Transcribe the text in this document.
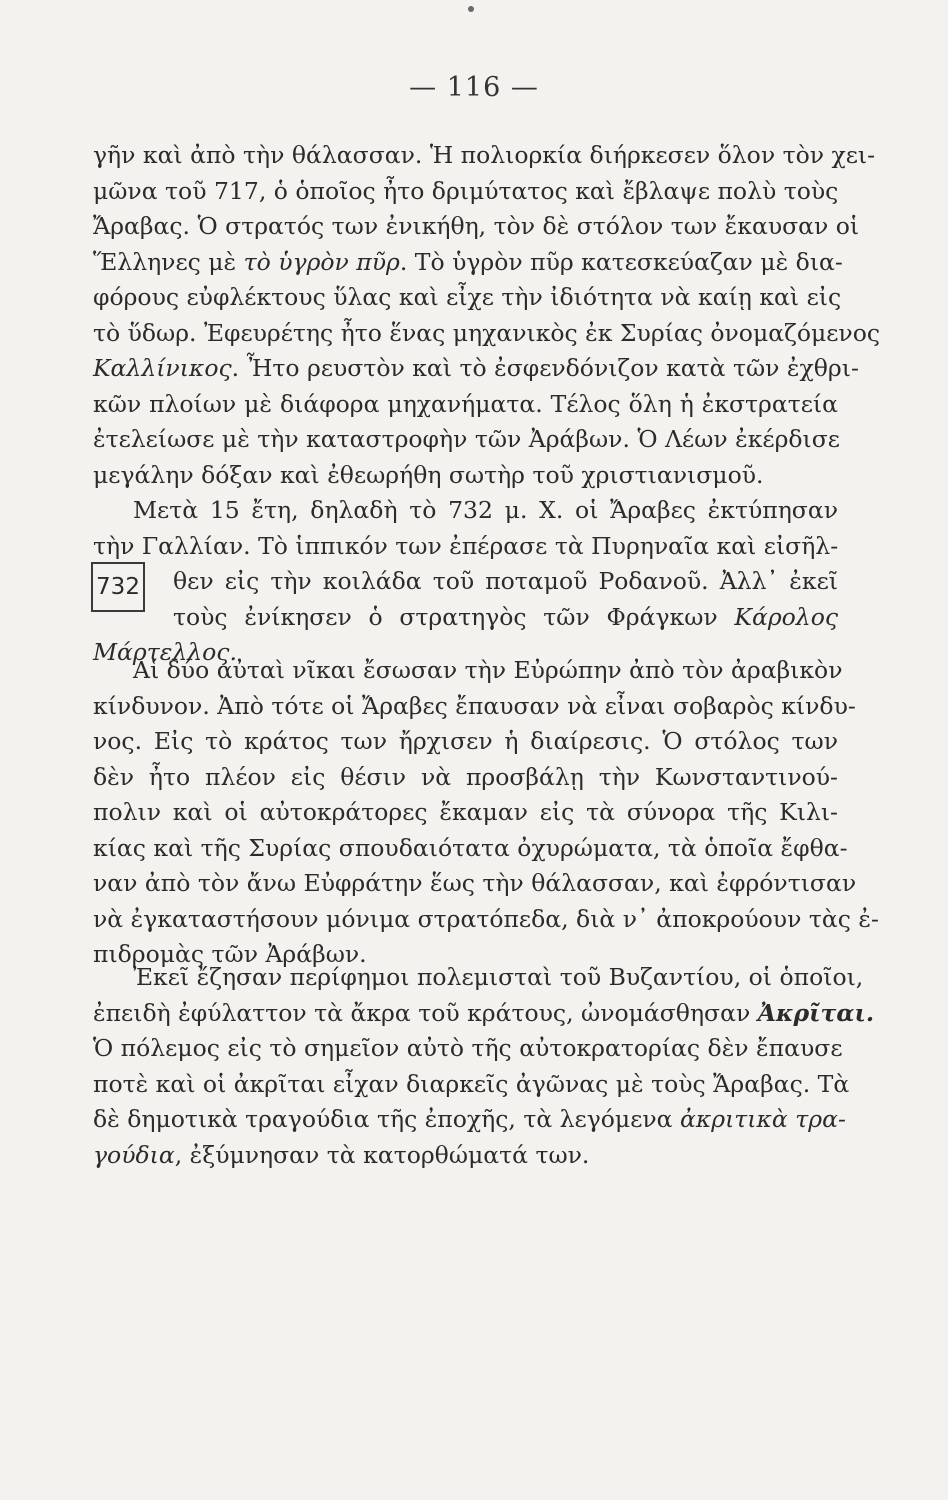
— 116 —
γῆν καὶ ἀπὸ τὴν θάλασσαν. Ἡ πολιορκία διήρκεσεν ὅλον τὸν χει-
μῶνα τοῦ 717, ὁ ὁποῖος ἦτο δριμύτατος καὶ ἔβλαψε πολὺ τοὺς
Ἄραβας. Ὁ στρατός των ἐνικήθη, τὸν δὲ στόλον των ἔκαυσαν οἱ
Ἕλληνες μὲ τὸ ὑγρὸν πῦρ. Τὸ ὑγρὸν πῦρ κατεσκεύαζαν μὲ δια-
φόρους εὐφλέκτους ὕλας καὶ εἶχε τὴν ἰδιότητα νὰ καίῃ καὶ εἰς
τὸ ὕδωρ. Ἐφευρέτης ἦτο ἕνας μηχανικὸς ἐκ Συρίας ὀνομαζόμενος
Καλλίνικος. Ἦτο ρευστὸν καὶ τὸ ἐσφενδόνιζον κατὰ τῶν ἐχθρι-
κῶν πλοίων μὲ διάφορα μηχανήματα. Τέλος ὅλη ἡ ἐκστρατεία
ἐτελείωσε μὲ τὴν καταστροφὴν τῶν Ἀράβων. Ὁ Λέων ἐκέρδισε
μεγάλην δόξαν καὶ ἐθεωρήθη σωτὴρ τοῦ χριστιανισμοῦ.
Μετὰ 15 ἔτη, δηλαδὴ τὸ 732 μ. Χ. οἱ Ἄραβες ἐκτύπησαν
τὴν Γαλλίαν. Τὸ ἱππικόν των ἐπέρασε τὰ Πυρηναῖα καὶ εἰσῆλ-
θεν εἰς τὴν κοιλάδα τοῦ ποταμοῦ Ροδανοῦ. Ἀλλ᾿ ἐκεῖ
τοὺς ἐνίκησεν ὁ στρατηγὸς τῶν Φράγκων Κάρολος
Μάρτελλος.
732
Αἱ δύο αὐταὶ νῖκαι ἔσωσαν τὴν Εὐρώπην ἀπὸ τὸν ἀραβικὸν
κίνδυνον. Ἀπὸ τότε οἱ Ἄραβες ἔπαυσαν νὰ εἶναι σοβαρὸς κίνδυ-
νος. Εἰς τὸ κράτος των ἤρχισεν ἡ διαίρεσις. Ὁ στόλος των
δὲν ἦτο πλέον εἰς θέσιν νὰ προσβάλῃ τὴν Κωνσταντινού-
πολιν καὶ οἱ αὐτοκράτορες ἔκαμαν εἰς τὰ σύνορα τῆς Κιλι-
κίας καὶ τῆς Συρίας σπουδαιότατα ὀχυρώματα, τὰ ὁποῖα ἔφθα-
ναν ἀπὸ τὸν ἄνω Εὐφράτην ἕως τὴν θάλασσαν, καὶ ἐφρόντισαν
νὰ ἐγκαταστήσουν μόνιμα στρατόπεδα, διὰ ν᾿ ἀποκρούουν τὰς ἐ-
πιδρομὰς τῶν Ἀράβων.
Ἐκεῖ ἔζησαν περίφημοι πολεμισταὶ τοῦ Βυζαντίου, οἱ ὁποῖοι,
ἐπειδὴ ἐφύλαττον τὰ ἄκρα τοῦ κράτους, ὠνομάσθησαν Ἀκρῖται.
Ὁ πόλεμος εἰς τὸ σημεῖον αὐτὸ τῆς αὐτοκρατορίας δὲν ἔπαυσε
ποτὲ καὶ οἱ ἀκρῖται εἶχαν διαρκεῖς ἀγῶνας μὲ τοὺς Ἄραβας. Τὰ
δὲ δημοτικὰ τραγούδια τῆς ἐποχῆς, τὰ λεγόμενα ἀκριτικὰ τρα-
γούδια, ἐξύμνησαν τὰ κατορθώματά των.
